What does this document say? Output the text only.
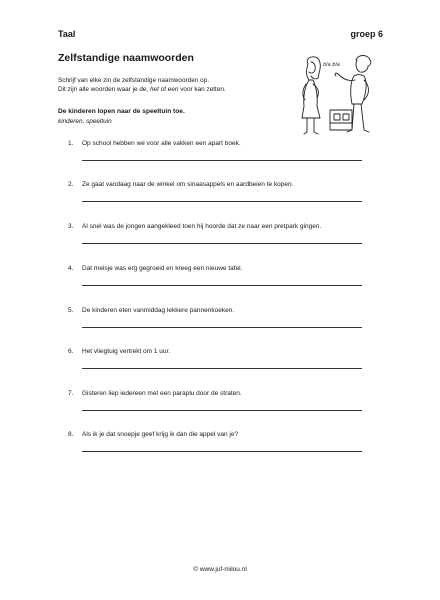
Taal	groep 6
Zelfstandige naamwoorden
Schrijf van elke zin de zelfstandige naamwoorden op.
Dit zijn alle woorden waar je de, het of een voor kan zetten.
De kinderen lopen naar de speeltuin toe.
kinderen, speeltuin
bla bla
1. Op school hebben we voor alle vakken een apart boek.
2. Ze gaat vandaag naar de winkel om sinaasappels en aardbeien te kopen.
3. Al snel was de jongen aangekleed toen hij hoorde dat ze naar een pretpark gingen.
4. Dat meisje was erg gegroeid en kreeg een nieuwe tafel.
5. De kinderen eten vanmiddag lekkere pannenkoeken.
6. Het vliegtuig vertrekt om 1 uur.
7. Gisteren liep iedereen met een paraplu door de straten.
8. Als ik je dat snoepje geef krijg ik dan die appel van je?
© www.juf-milou.nl
